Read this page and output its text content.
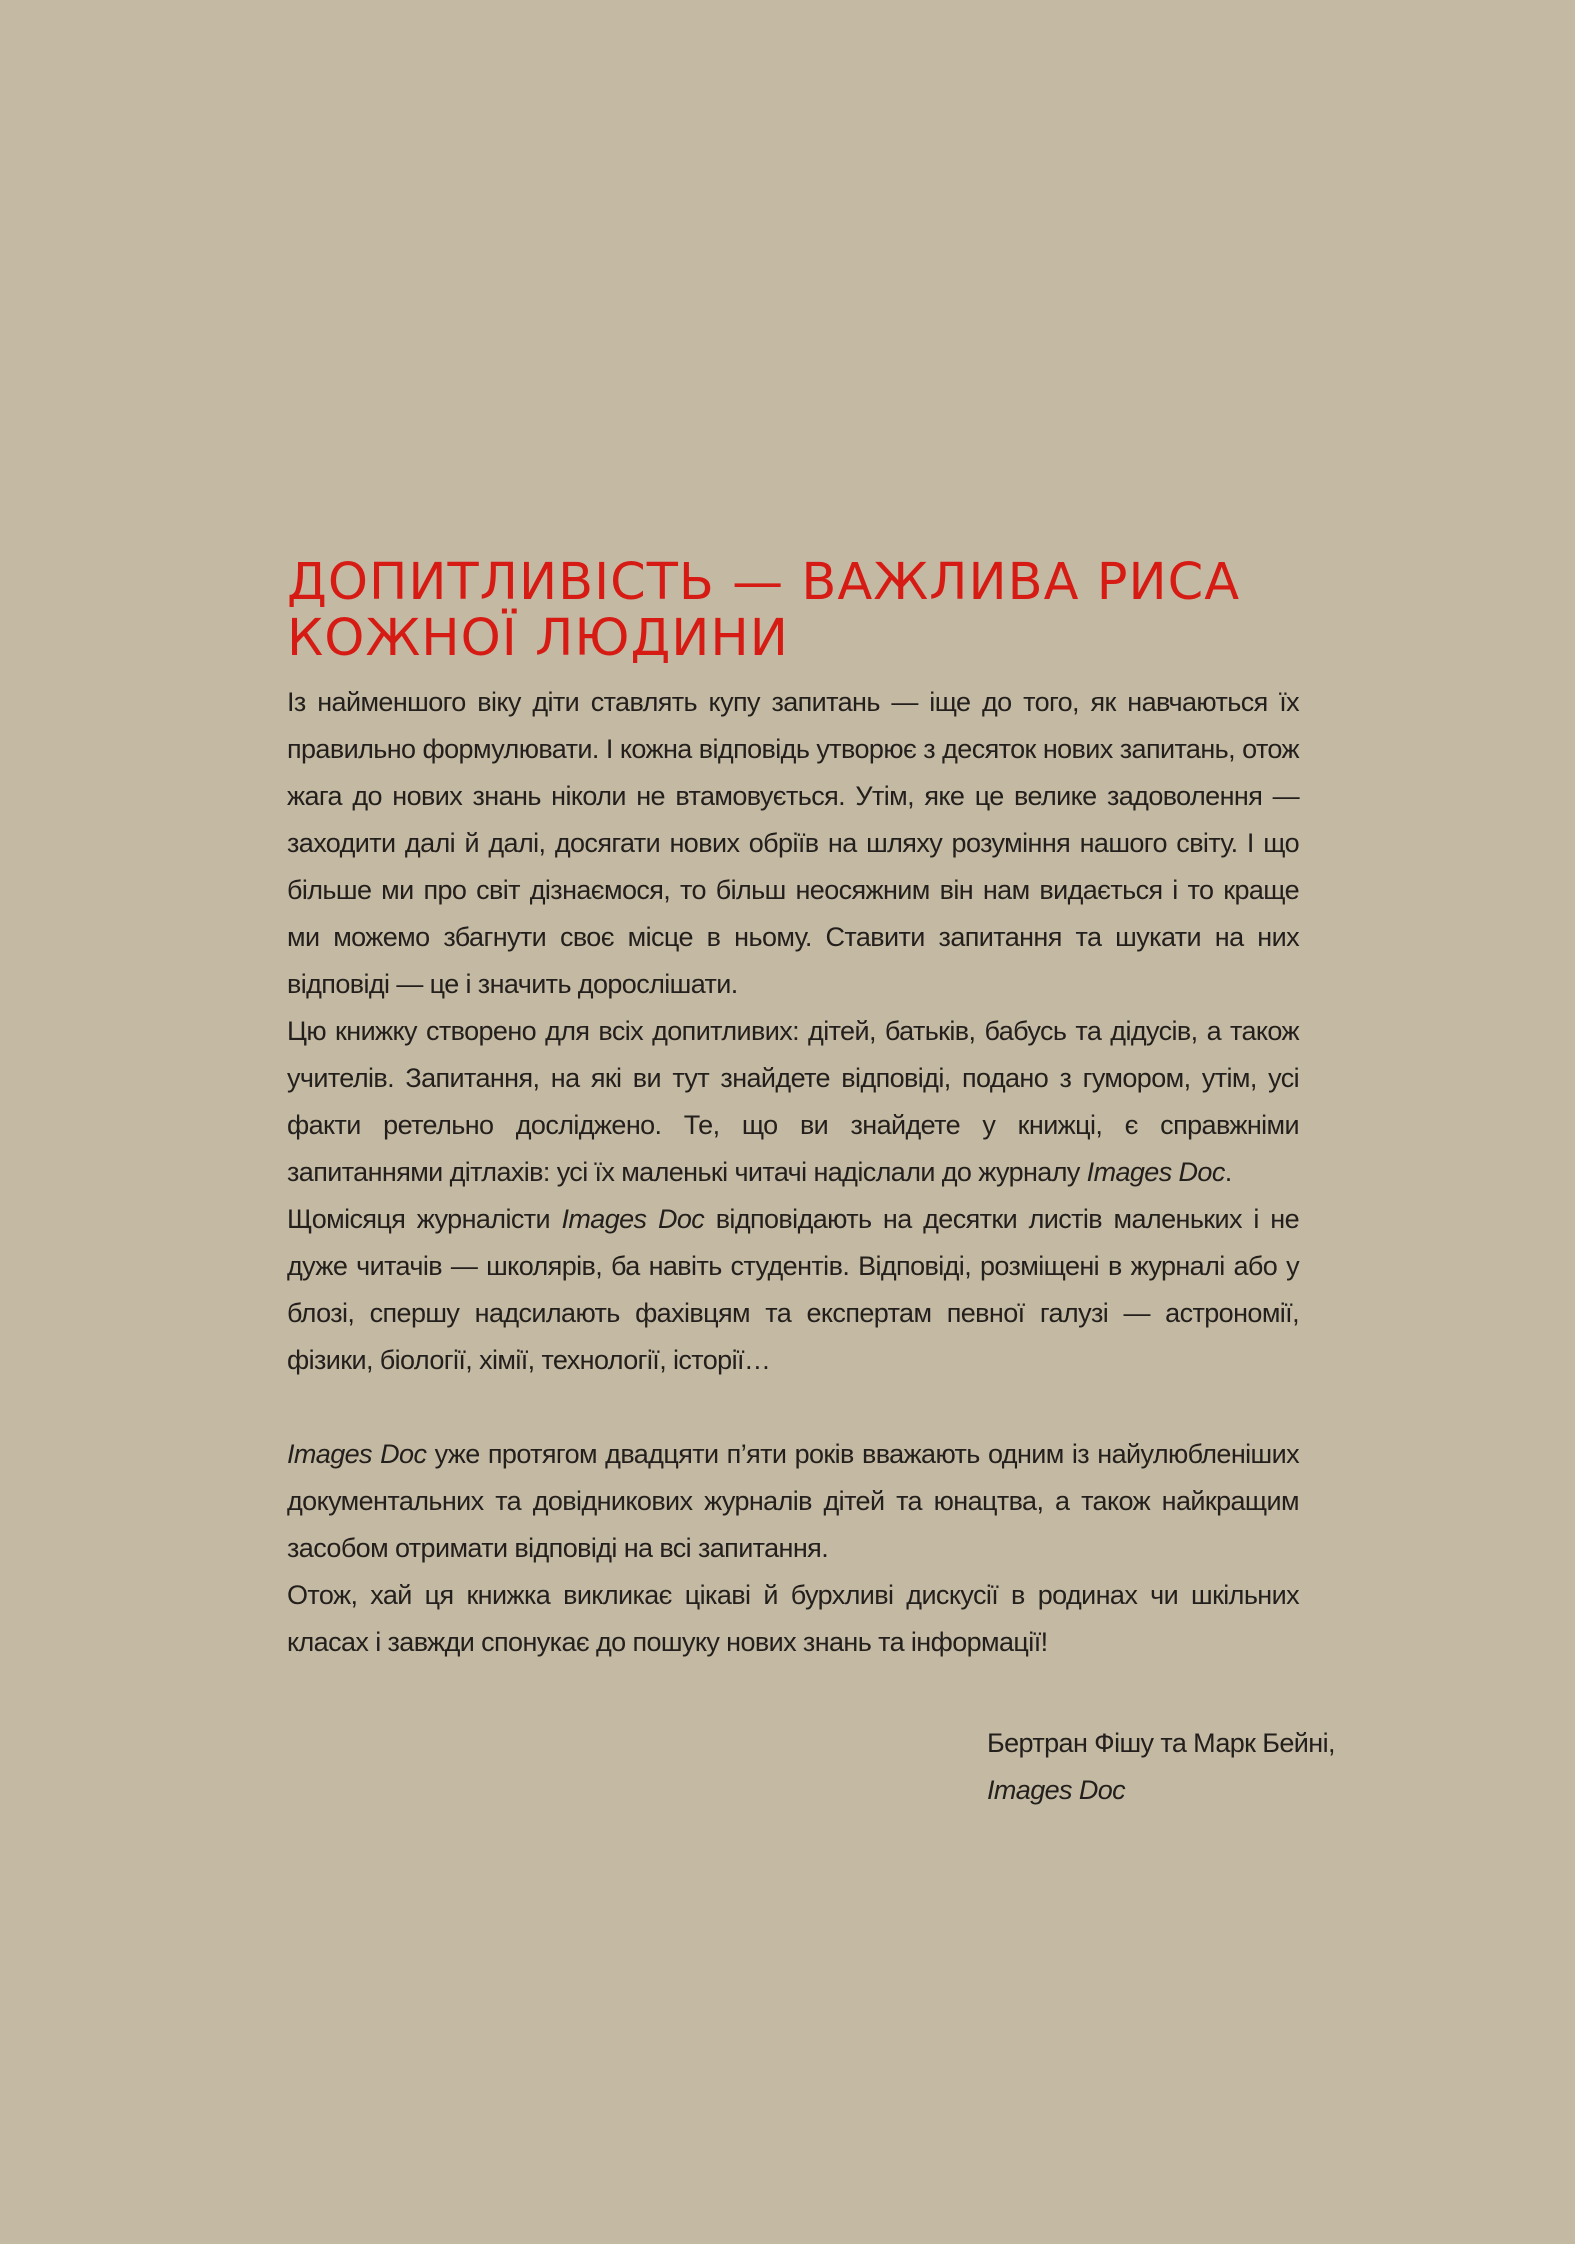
ДОПИТЛИВІСТЬ — ВАЖЛИВА РИСА КОЖНОЇ ЛЮДИНИ

Із найменшого віку діти ставлять купу запитань — іще до того, як навчаються їх правильно формулювати. І кожна відповідь утворює з десяток нових запитань, отож жага до нових знань ніколи не втамовується. Утім, яке це велике задоволення — заходити далі й далі, досягати нових обріїв на шляху розуміння нашого світу. І що більше ми про світ дізнаємося, то більш неосяжним він нам видається і то краще ми можемо збагнути своє місце в ньому. Ставити запитання та шукати на них відповіді — це і значить дорослішати.

Цю книжку створено для всіх допитливих: дітей, батьків, бабусь та дідусів, а також учителів. Запитання, на які ви тут знайдете відповіді, подано з гумором, утім, усі факти ретельно досліджено. Те, що ви знайдете у книжці, є справжніми запитаннями дітлахів: усі їх маленькі читачі надіслали до журналу Images Doc.

Щомісяця журналісти Images Doc відповідають на десятки листів маленьких і не дуже читачів — школярів, ба навіть студентів. Відповіді, розміщені в журналі або у блозі, спершу надсилають фахівцям та експертам певної галузі — астрономії, фізики, біології, хімії, технології, історії…

Images Doc уже протягом двадцяти п’яти років вважають одним із найулюбленіших документальних та довідникових журналів дітей та юнацтва, а також найкращим засобом отримати відповіді на всі запитання.

Отож, хай ця книжка викликає цікаві й бурхливі дискусії в родинах чи шкільних класах і завжди спонукає до пошуку нових знань та інформації!

Бертран Фішу та Марк Бейні,
Images Doc
